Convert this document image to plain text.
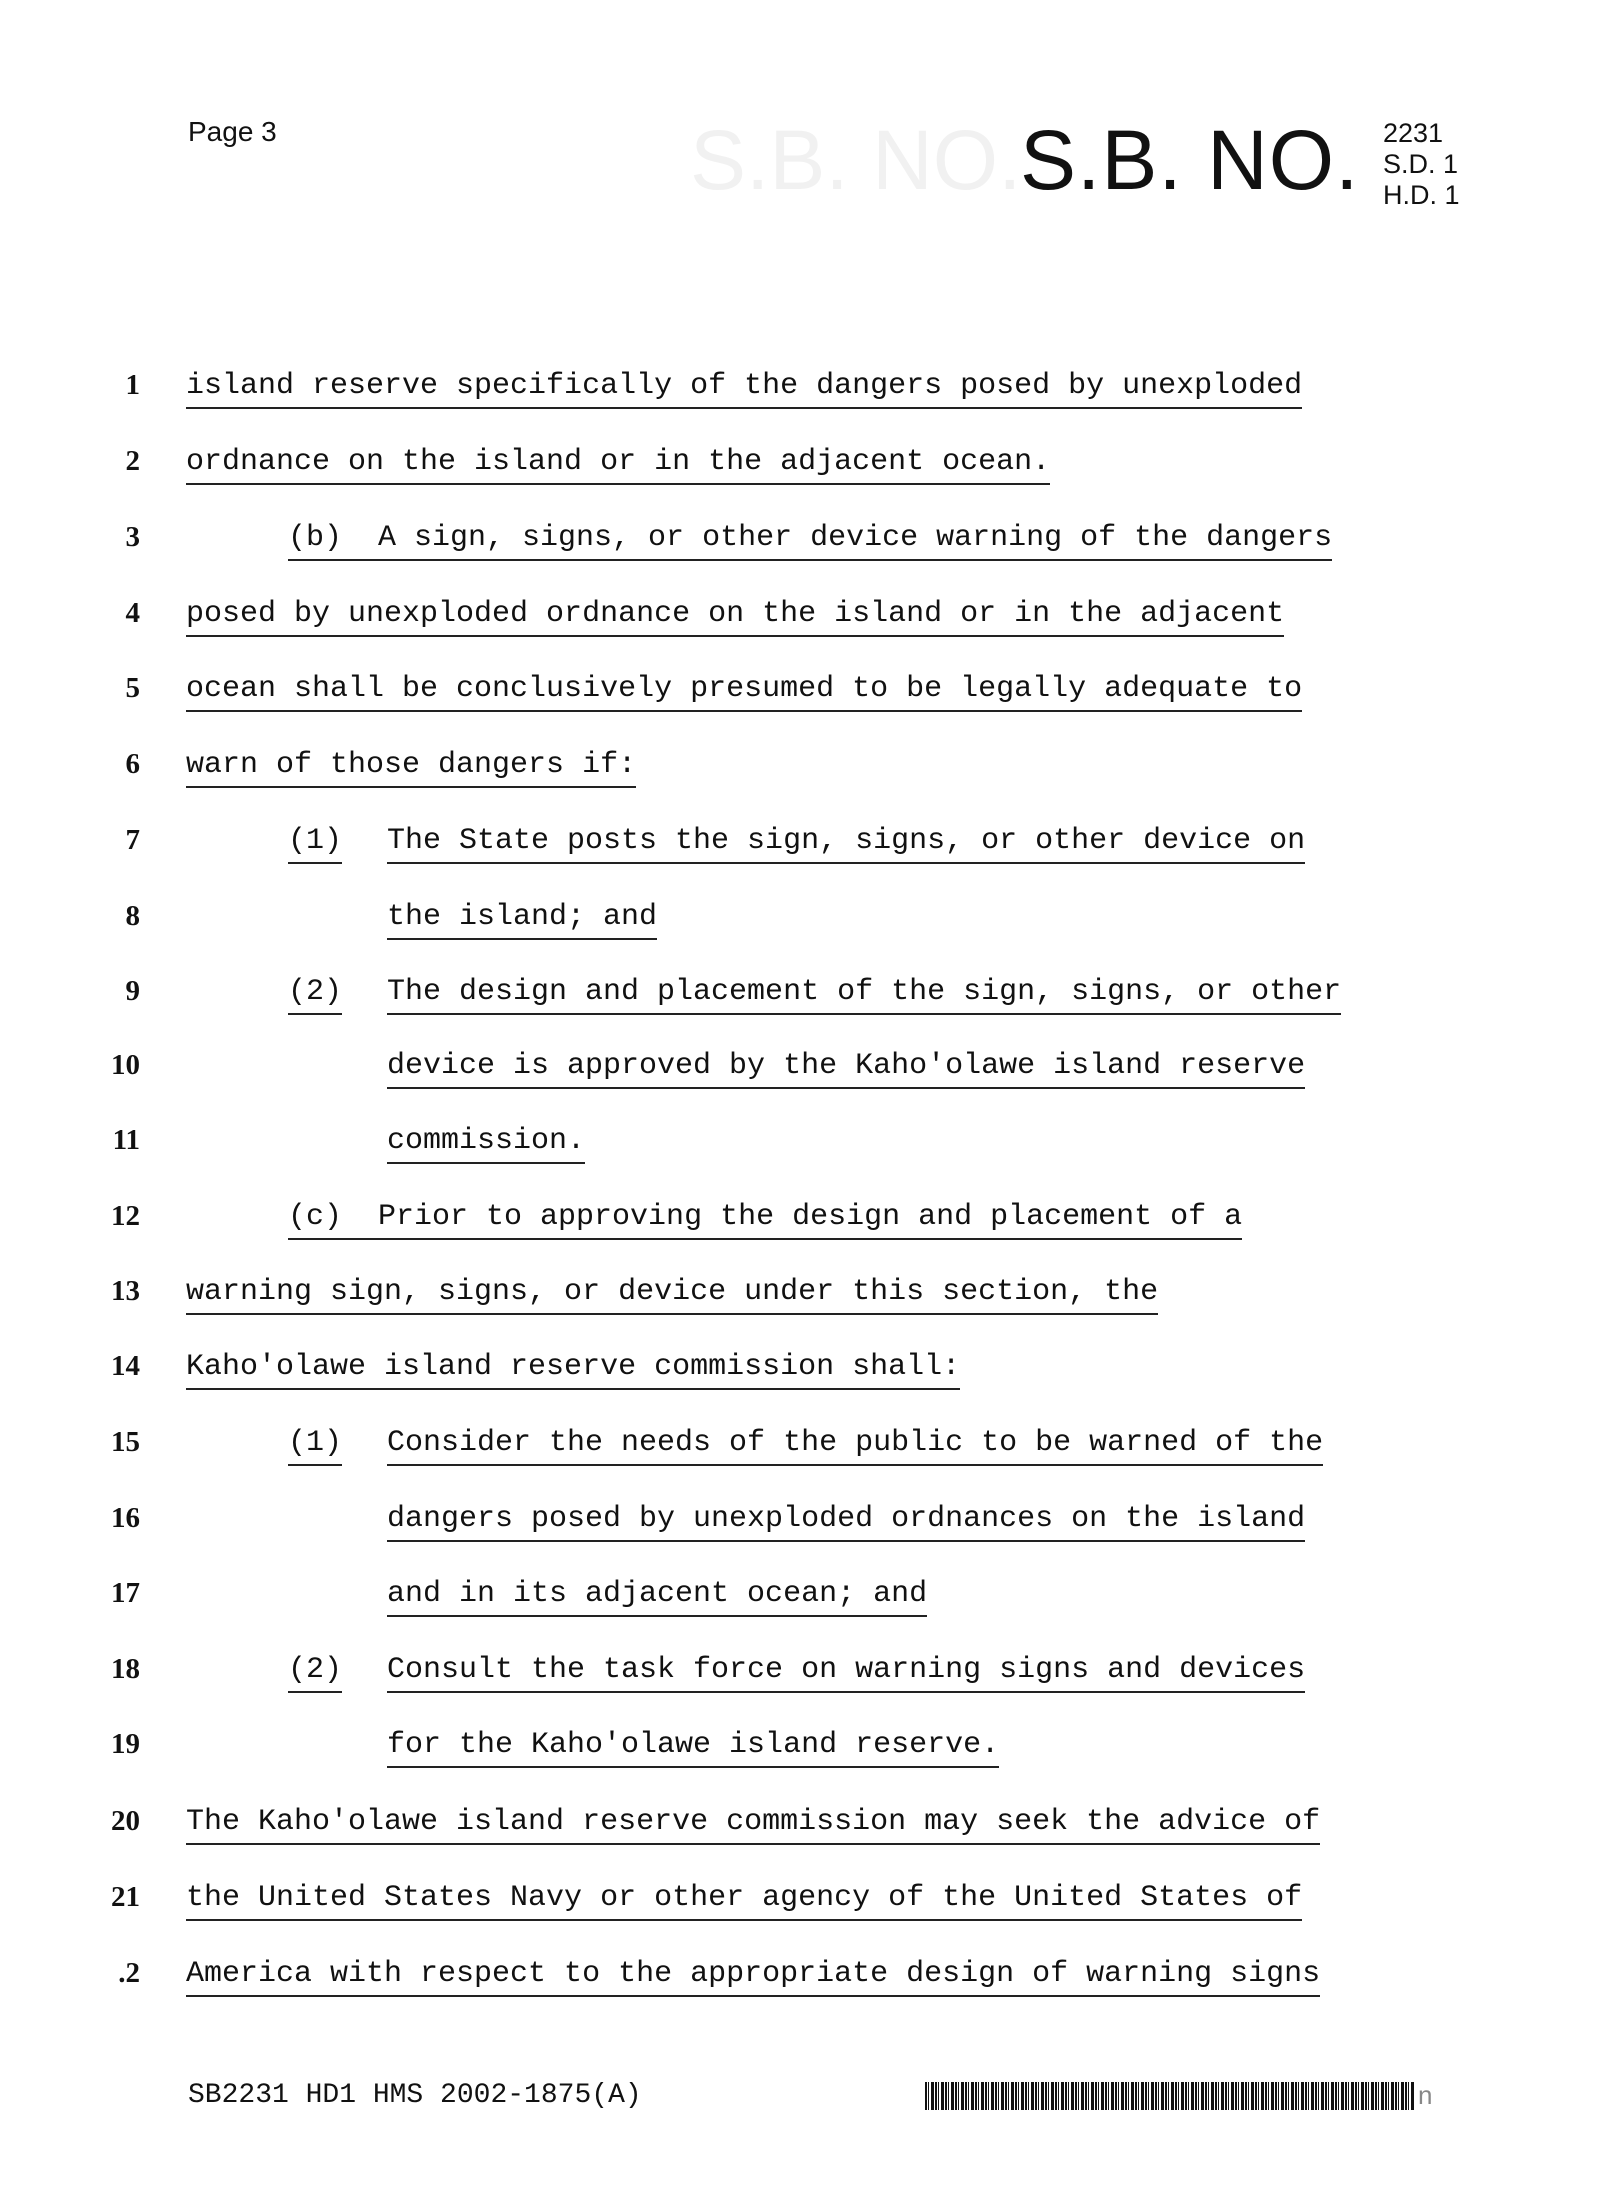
S.B. NO.
Page 3	S.B. NO. 2231
S.D. 1
H.D. 1
1 island reserve specifically of the dangers posed by unexploded
2 ordnance on the island or in the adjacent ocean.
3	(b)  A sign, signs, or other device warning of the dangers
4 posed by unexploded ordnance on the island or in the adjacent
5 ocean shall be conclusively presumed to be legally adequate to
6 warn of those dangers if:
7	(1) The State posts the sign, signs, or other device on
8	the island; and
9	(2) The design and placement of the sign, signs, or other
10	device is approved by the Kaho'olawe island reserve
11	commission.
12	(c)  Prior to approving the design and placement of a
13 warning sign, signs, or device under this section, the
14 Kaho'olawe island reserve commission shall:
15	(1) Consider the needs of the public to be warned of the
16	dangers posed by unexploded ordnances on the island
17	and in its adjacent ocean; and
18	(2) Consult the task force on warning signs and devices
19	for the Kaho'olawe island reserve.
20 The Kaho'olawe island reserve commission may seek the advice of
21 the United States Navy or other agency of the United States of
.2 America with respect to the appropriate design of warning signs
SB2231 HD1 HMS 2002-1875(A)	n
